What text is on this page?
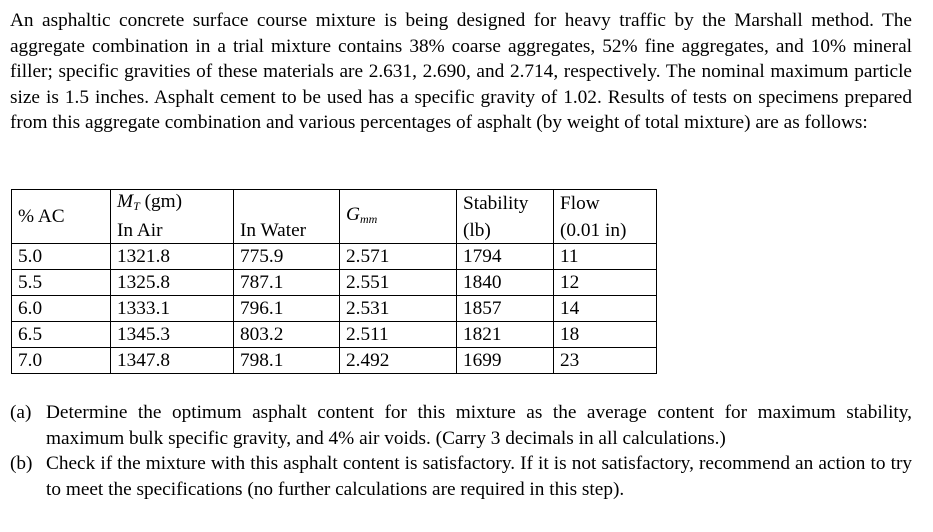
An asphaltic concrete surface course mixture is being designed for heavy traffic by the Marshall method. The aggregate combination in a trial mixture contains 38% coarse aggregates, 52% fine aggregates, and 10% mineral filler; specific gravities of these materials are 2.631, 2.690, and 2.714, respectively. The nominal maximum particle size is 1.5 inches. Asphalt cement to be used has a specific gravity of 1.02. Results of tests on specimens prepared from this aggregate combination and various percentages of asphalt (by weight of total mixture) are as follows:

% AC	$M_T$ (gm)		$G_{mm}$	Stability	Flow
	In Air	In Water		(lb)	(0.01 in)
5.0	1321.8	775.9	2.571	1794	11
5.5	1325.8	787.1	2.551	1840	12
6.0	1333.1	796.1	2.531	1857	14
6.5	1345.3	803.2	2.511	1821	18
7.0	1347.8	798.1	2.492	1699	23
(a) Determine the optimum asphalt content for this mixture as the average content for maximum stability, maximum bulk specific gravity, and 4% air voids. (Carry 3 decimals in all calculations.)
(b) Check if the mixture with this asphalt content is satisfactory. If it is not satisfactory, recommend an action to try to meet the specifications (no further calculations are required in this step).
